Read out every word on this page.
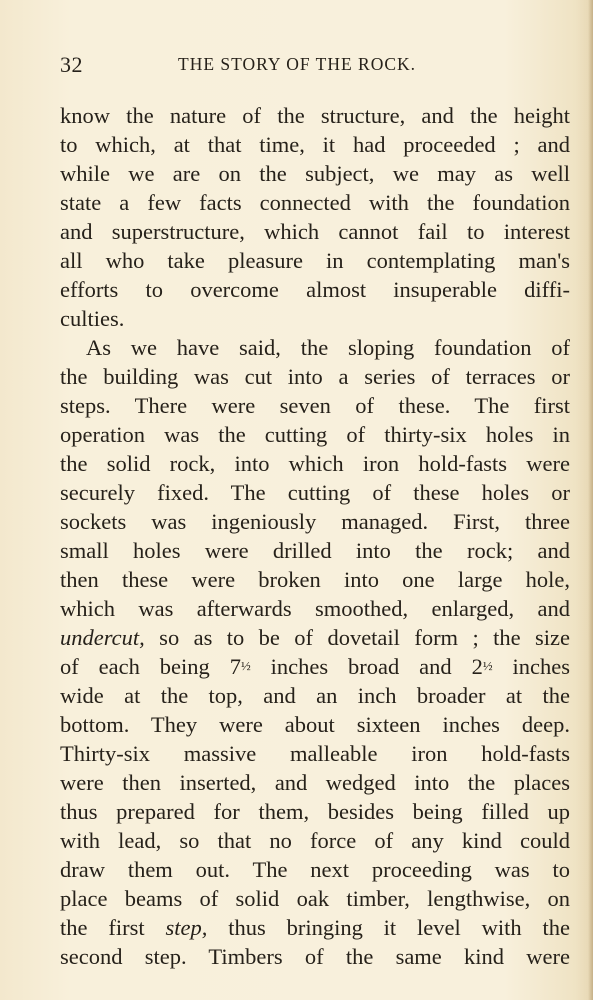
32	THE STORY OF THE ROCK.
know the nature of the structure, and the height
to which, at that time, it had proceeded ; and
while we are on the subject, we may as well
state a few facts connected with the foundation
and superstructure, which cannot fail to interest
all who take pleasure in contemplating man's
efforts to overcome almost insuperable diffi-
culties.
As we have said, the sloping foundation of
the building was cut into a series of terraces or
steps. There were seven of these. The first
operation was the cutting of thirty-six holes in
the solid rock, into which iron hold-fasts were
securely fixed. The cutting of these holes or
sockets was ingeniously managed. First, three
small holes were drilled into the rock; and
then these were broken into one large hole,
which was afterwards smoothed, enlarged, and
undercut, so as to be of dovetail form ; the size
of each being 7½ inches broad and 2½ inches
wide at the top, and an inch broader at the
bottom. They were about sixteen inches deep.
Thirty-six massive malleable iron hold-fasts
were then inserted, and wedged into the places
thus prepared for them, besides being filled up
with lead, so that no force of any kind could
draw them out. The next proceeding was to
place beams of solid oak timber, lengthwise, on
the first step, thus bringing it level with the
second step. Timbers of the same kind were
